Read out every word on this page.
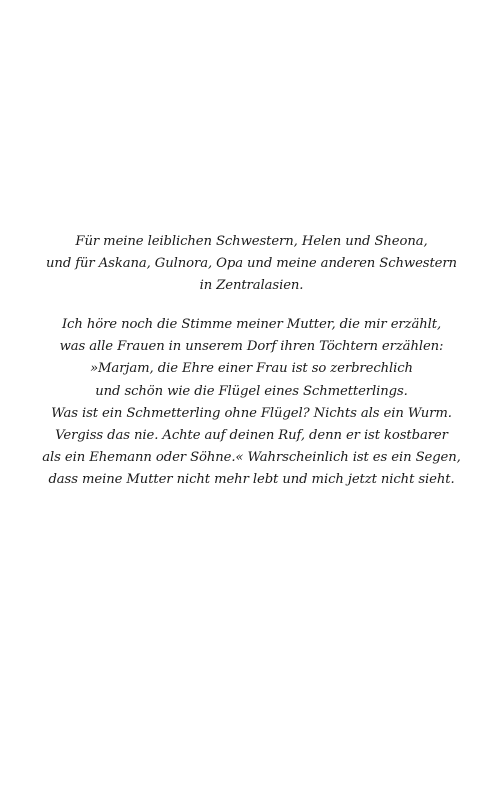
Für meine leiblichen Schwestern, Helen und Sheona,
und für Askana, Gulnora, Opa und meine anderen Schwestern
in Zentralasien.
Ich höre noch die Stimme meiner Mutter, die mir erzählt,
was alle Frauen in unserem Dorf ihren Töchtern erzählen:
»Marjam, die Ehre einer Frau ist so zerbrechlich
und schön wie die Flügel eines Schmetterlings.
Was ist ein Schmetterling ohne Flügel? Nichts als ein Wurm.
Vergiss das nie. Achte auf deinen Ruf, denn er ist kostbarer
als ein Ehemann oder Söhne.« Wahrscheinlich ist es ein Segen,
dass meine Mutter nicht mehr lebt und mich jetzt nicht sieht.
